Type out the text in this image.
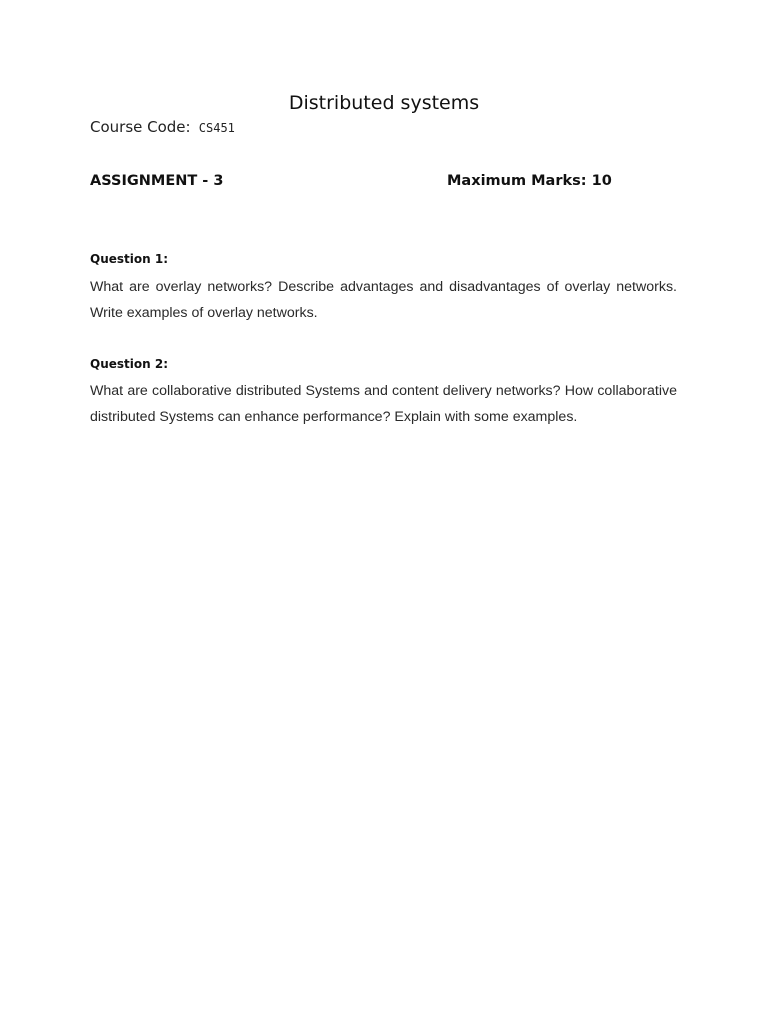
Distributed systems
Course Code: CS451
ASSIGNMENT - 3	Maximum Marks: 10
Question 1:
What are overlay networks? Describe advantages and disadvantages of overlay networks. Write examples of overlay networks.
Question 2:
What are collaborative distributed Systems and content delivery networks? How collaborative distributed Systems can enhance performance? Explain with some examples.
